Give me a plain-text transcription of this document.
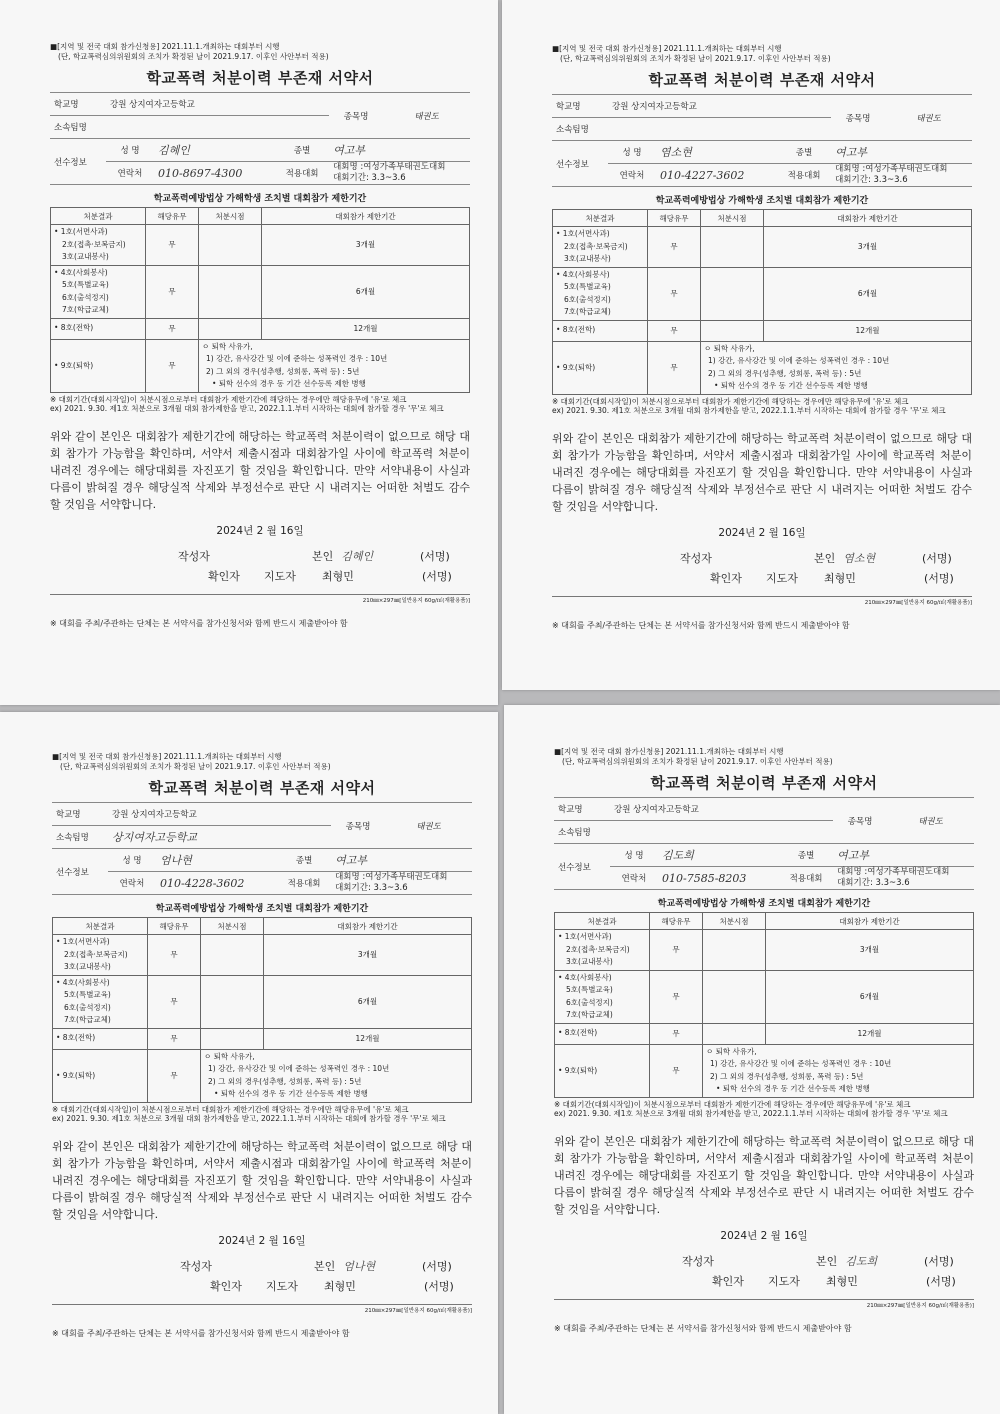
■[지역 및 전국 대회 참가신청용] 2021.11.1.개최하는 대회부터 시행
(단, 학교폭력심의위원회의 조치가 확정된 날이 2021.9.17. 이후인 사안부터 적용)
학교폭력 처분이력 부존재 서약서
학교명	강원 상지여자고등학교			종목명	태권도
소속팀명					
선수정보	성 명	김혜인	종별	여고부	
	연락처	010-8697-4300	적용대회	대회명 :여성가족부태권도대회
대회기간: 3.3~3.6	
학교폭력예방법상 가해학생 조치별 대회참가 제한기간
처분결과	해당유무	처분시점	대회참가 제한기간

• 1호(서면사과)
2호(접촉·보복금지)
3호(교내봉사)	무		3개월

• 4호(사회봉사)
5호(특별교육)
6호(출석정지)
7호(학급교체)	무		6개월

• 8호(전학)	무		12개월
• 9호(퇴학)	무	ㅇ 퇴학 사유가,
1) 강간, 유사강간 및 이에 준하는 성폭력인 경우 : 10년
2) 그 외의 경우(성추행, 성희롱, 폭력 등) : 5년
• 퇴학 선수의 경우 동 기간 선수등록 제한 병행	
※ 대회기간(대회시작일)이 처분시점으로부터 대회참가 제한기간에 해당하는 경우에만 해당유무에 '유'로 체크
ex) 2021. 9.30. 제1호 처분으로 3개월 대회 참가제한을 받고, 2022.1.1.부터 시작하는 대회에 참가할 경우 '무'로 체크
위와 같이 본인은 대회참가 제한기간에 해당하는 학교폭력 처분이력이 없으므로 해당 대회 참가가 가능함을 확인하며, 서약서 제출시점과 대회참가일 사이에 학교폭력 처분이 내려진 경우에는 해당대회를 자진포기 할 것임을 확인합니다. 만약 서약내용이 사실과 다름이 밝혀질 경우 해당실적 삭제와 부정선수로 판단 시 내려지는 어떠한 처벌도 감수할 것임을 서약합니다.
2024년 2 월 16일
작성자	본인 김혜인	(서명)
확인자 지도자 최형민	(서명)
210㎜×297㎜[일반용지 60g/㎡(재활용품)]
※ 대회를 주최/주관하는 단체는 본 서약서를 참가신청서와 함께 반드시 제출받아야 함
■[지역 및 전국 대회 참가신청용] 2021.11.1.개최하는 대회부터 시행
(단, 학교폭력심의위원회의 조치가 확정된 날이 2021.9.17. 이후인 사안부터 적용)
학교폭력 처분이력 부존재 서약서
학교명	강원 상지여자고등학교			종목명	태권도
소속팀명					
선수정보	성 명	염소현	종별	여고부	
	연락처	010-4227-3602	적용대회	대회명 :여성가족부태권도대회
대회기간: 3.3~3.6	
학교폭력예방법상 가해학생 조치별 대회참가 제한기간
처분결과	해당유무	처분시점	대회참가 제한기간

• 1호(서면사과)
2호(접촉·보복금지)
3호(교내봉사)	무		3개월

• 4호(사회봉사)
5호(특별교육)
6호(출석정지)
7호(학급교체)	무		6개월

• 8호(전학)	무		12개월
• 9호(퇴학)	무	ㅇ 퇴학 사유가,
1) 강간, 유사강간 및 이에 준하는 성폭력인 경우 : 10년
2) 그 외의 경우(성추행, 성희롱, 폭력 등) : 5년
• 퇴학 선수의 경우 동 기간 선수등록 제한 병행	
※ 대회기간(대회시작일)이 처분시점으로부터 대회참가 제한기간에 해당하는 경우에만 해당유무에 '유'로 체크
ex) 2021. 9.30. 제1호 처분으로 3개월 대회 참가제한을 받고, 2022.1.1.부터 시작하는 대회에 참가할 경우 '무'로 체크
위와 같이 본인은 대회참가 제한기간에 해당하는 학교폭력 처분이력이 없으므로 해당 대회 참가가 가능함을 확인하며, 서약서 제출시점과 대회참가일 사이에 학교폭력 처분이 내려진 경우에는 해당대회를 자진포기 할 것임을 확인합니다. 만약 서약내용이 사실과 다름이 밝혀질 경우 해당실적 삭제와 부정선수로 판단 시 내려지는 어떠한 처벌도 감수할 것임을 서약합니다.
2024년 2 월 16일
작성자	본인 염소현	(서명)
확인자 지도자 최형민	(서명)
210㎜×297㎜[일반용지 60g/㎡(재활용품)]
※ 대회를 주최/주관하는 단체는 본 서약서를 참가신청서와 함께 반드시 제출받아야 함
■[지역 및 전국 대회 참가신청용] 2021.11.1.개최하는 대회부터 시행
(단, 학교폭력심의위원회의 조치가 확정된 날이 2021.9.17. 이후인 사안부터 적용)
학교폭력 처분이력 부존재 서약서
학교명	강원 상지여자고등학교			종목명	태권도
소속팀명	상지여자고등학교				
선수정보	성 명	엄나현	종별	여고부	
	연락처	010-4228-3602	적용대회	대회명 :여성가족부태권도대회
대회기간: 3.3~3.6	
학교폭력예방법상 가해학생 조치별 대회참가 제한기간
처분결과	해당유무	처분시점	대회참가 제한기간

• 1호(서면사과)
2호(접촉·보복금지)
3호(교내봉사)	무		3개월

• 4호(사회봉사)
5호(특별교육)
6호(출석정지)
7호(학급교체)	무		6개월

• 8호(전학)	무		12개월
• 9호(퇴학)	무	ㅇ 퇴학 사유가,
1) 강간, 유사강간 및 이에 준하는 성폭력인 경우 : 10년
2) 그 외의 경우(성추행, 성희롱, 폭력 등) : 5년
• 퇴학 선수의 경우 동 기간 선수등록 제한 병행	
※ 대회기간(대회시작일)이 처분시점으로부터 대회참가 제한기간에 해당하는 경우에만 해당유무에 '유'로 체크
ex) 2021. 9.30. 제1호 처분으로 3개월 대회 참가제한을 받고, 2022.1.1.부터 시작하는 대회에 참가할 경우 '무'로 체크
위와 같이 본인은 대회참가 제한기간에 해당하는 학교폭력 처분이력이 없으므로 해당 대회 참가가 가능함을 확인하며, 서약서 제출시점과 대회참가일 사이에 학교폭력 처분이 내려진 경우에는 해당대회를 자진포기 할 것임을 확인합니다. 만약 서약내용이 사실과 다름이 밝혀질 경우 해당실적 삭제와 부정선수로 판단 시 내려지는 어떠한 처벌도 감수할 것임을 서약합니다.
2024년 2 월 16일
작성자	본인 엄나현	(서명)
확인자 지도자 최형민	(서명)
210㎜×297㎜[일반용지 60g/㎡(재활용품)]
※ 대회를 주최/주관하는 단체는 본 서약서를 참가신청서와 함께 반드시 제출받아야 함
■[지역 및 전국 대회 참가신청용] 2021.11.1.개최하는 대회부터 시행
(단, 학교폭력심의위원회의 조치가 확정된 날이 2021.9.17. 이후인 사안부터 적용)
학교폭력 처분이력 부존재 서약서
학교명	강원 상지여자고등학교			종목명	태권도
소속팀명					
선수정보	성 명	김도희	종별	여고부	
	연락처	010-7585-8203	적용대회	대회명 :여성가족부태권도대회
대회기간: 3.3~3.6	
학교폭력예방법상 가해학생 조치별 대회참가 제한기간
처분결과	해당유무	처분시점	대회참가 제한기간

• 1호(서면사과)
2호(접촉·보복금지)
3호(교내봉사)	무		3개월

• 4호(사회봉사)
5호(특별교육)
6호(출석정지)
7호(학급교체)	무		6개월

• 8호(전학)	무		12개월
• 9호(퇴학)	무	ㅇ 퇴학 사유가,
1) 강간, 유사강간 및 이에 준하는 성폭력인 경우 : 10년
2) 그 외의 경우(성추행, 성희롱, 폭력 등) : 5년
• 퇴학 선수의 경우 동 기간 선수등록 제한 병행	
※ 대회기간(대회시작일)이 처분시점으로부터 대회참가 제한기간에 해당하는 경우에만 해당유무에 '유'로 체크
ex) 2021. 9.30. 제1호 처분으로 3개월 대회 참가제한을 받고, 2022.1.1.부터 시작하는 대회에 참가할 경우 '무'로 체크
위와 같이 본인은 대회참가 제한기간에 해당하는 학교폭력 처분이력이 없으므로 해당 대회 참가가 가능함을 확인하며, 서약서 제출시점과 대회참가일 사이에 학교폭력 처분이 내려진 경우에는 해당대회를 자진포기 할 것임을 확인합니다. 만약 서약내용이 사실과 다름이 밝혀질 경우 해당실적 삭제와 부정선수로 판단 시 내려지는 어떠한 처벌도 감수할 것임을 서약합니다.
2024년 2 월 16일
작성자	본인 김도희	(서명)
확인자 지도자 최형민	(서명)
210㎜×297㎜[일반용지 60g/㎡(재활용품)]
※ 대회를 주최/주관하는 단체는 본 서약서를 참가신청서와 함께 반드시 제출받아야 함
